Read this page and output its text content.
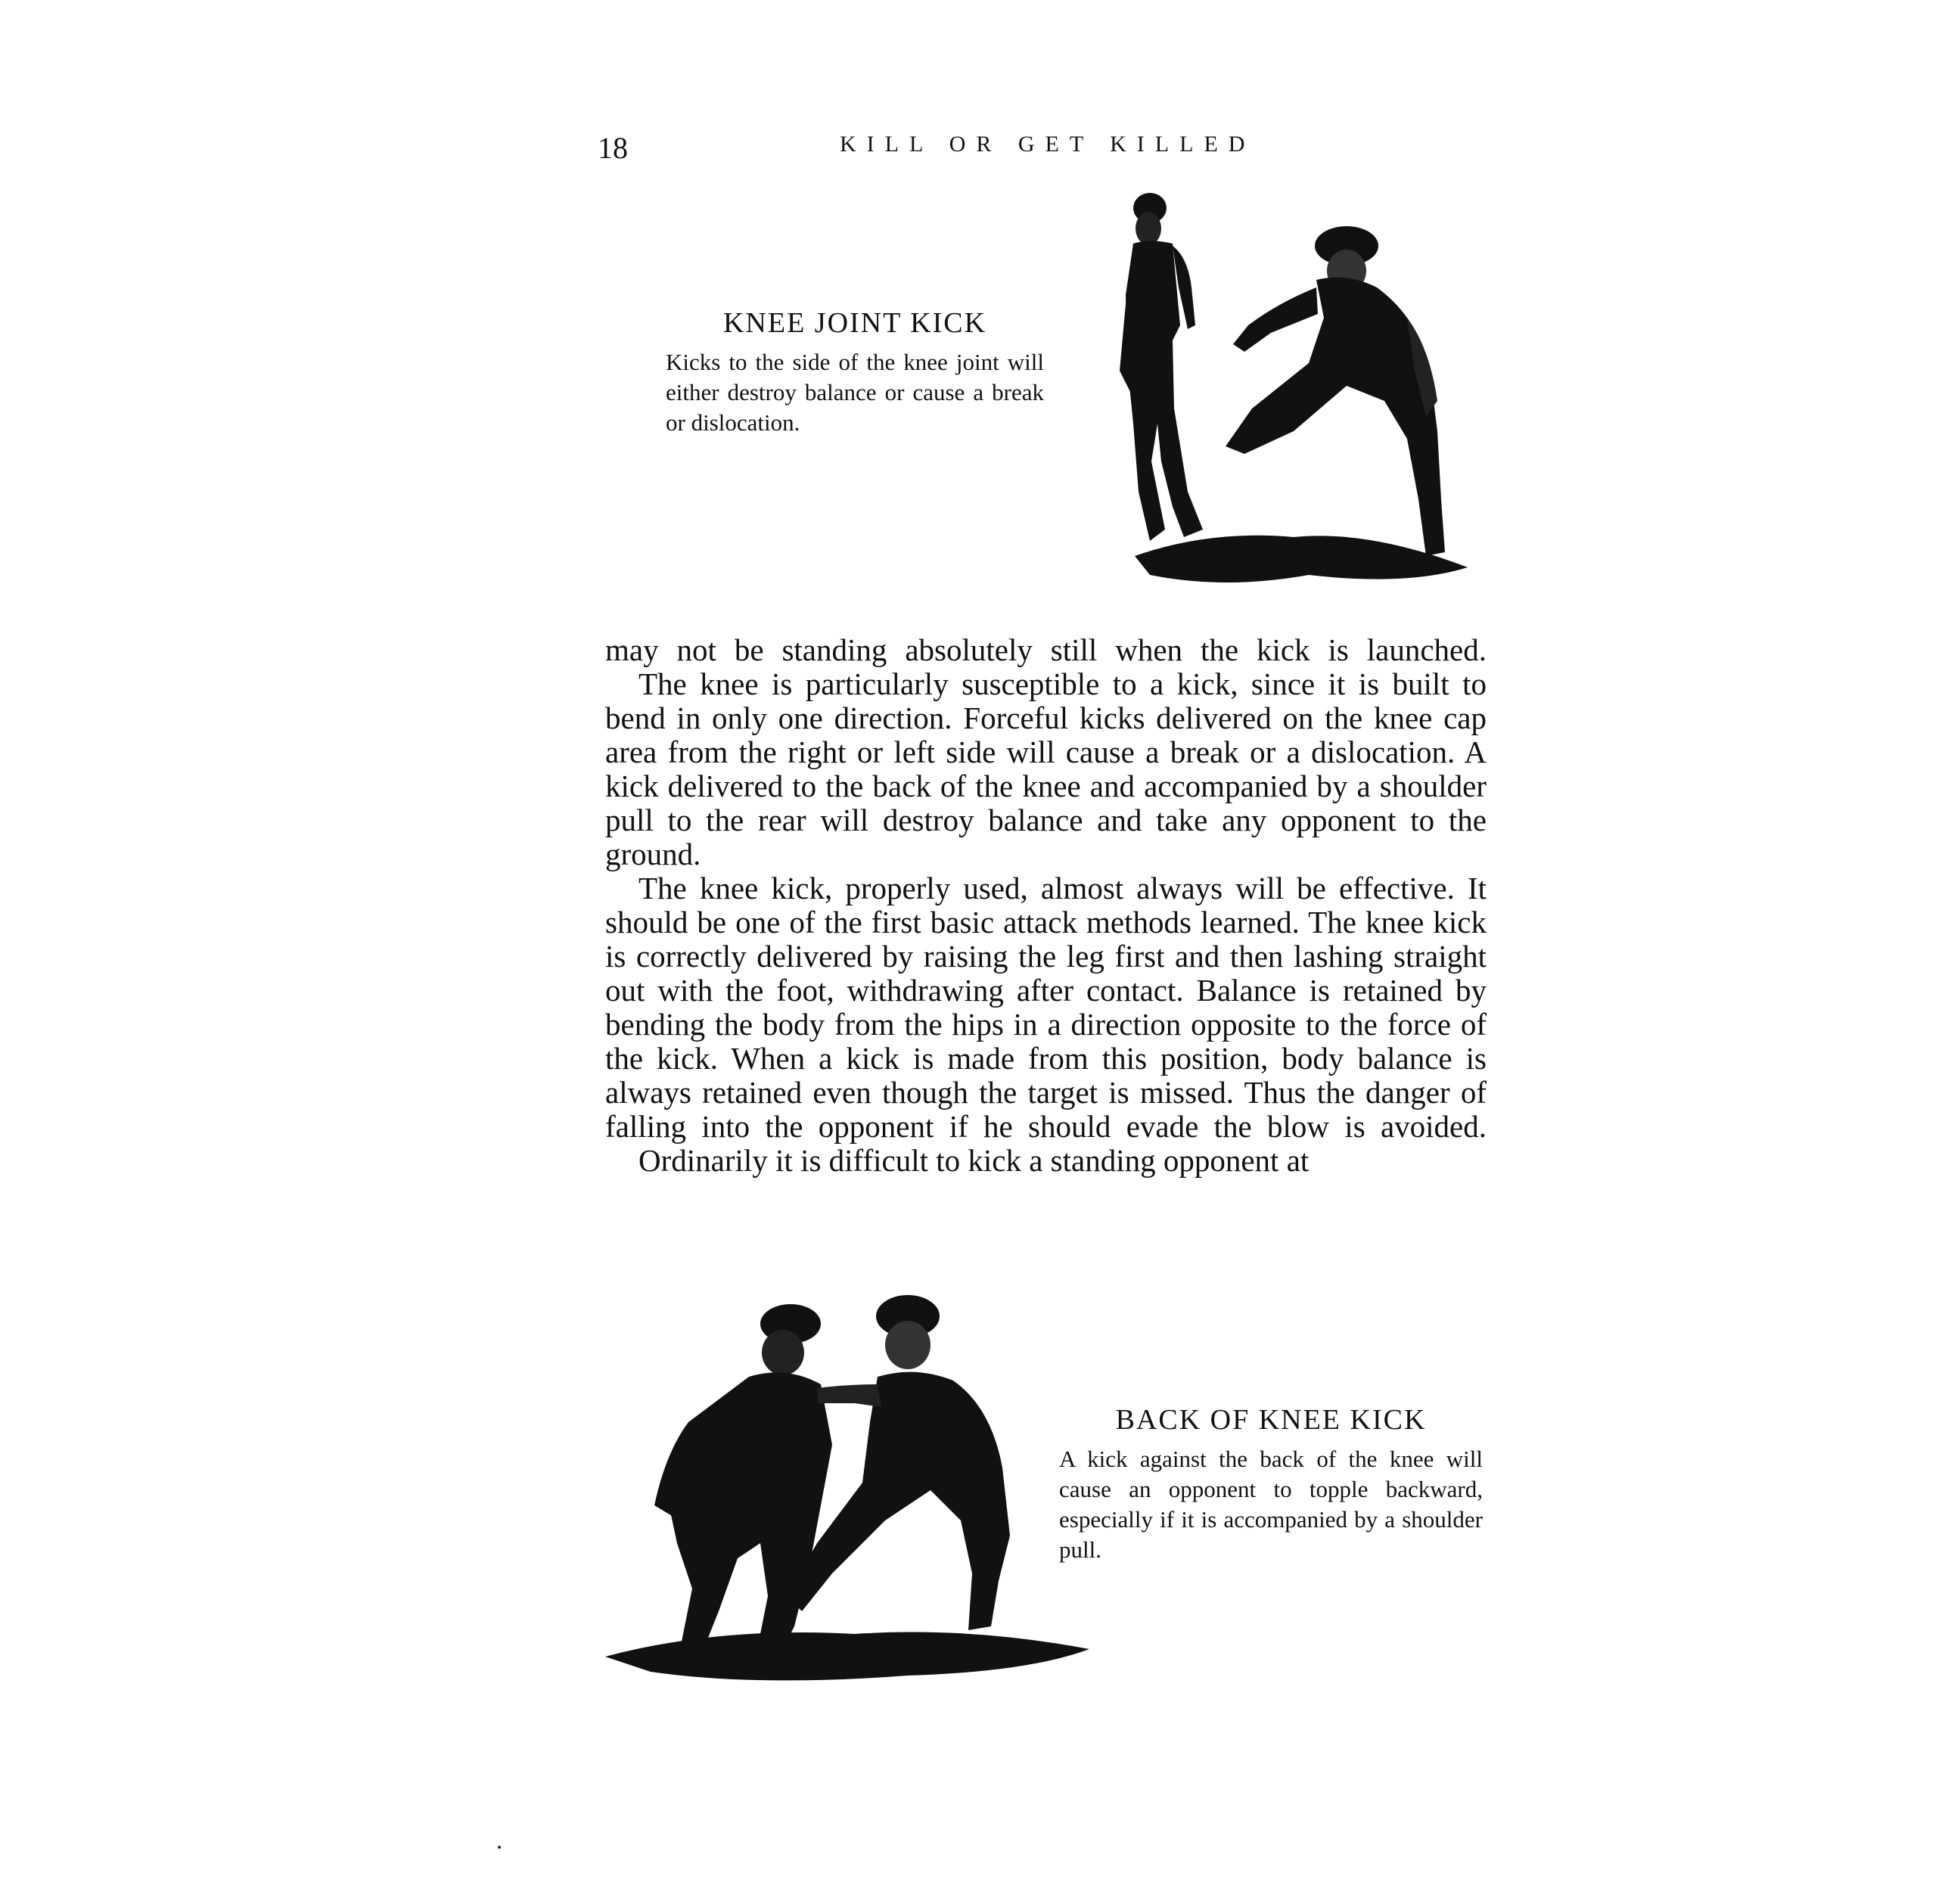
18	KILL OR GET KILLED
KNEE JOINT KICK

Kicks to the side of the knee joint will either destroy balance or cause a break or dislocation.

may not be standing absolutely still when the kick is launched.

The knee is particularly susceptible to a kick, since it is built to bend in only one direction. Forceful kicks delivered on the knee cap area from the right or left side will cause a break or a dislocation. A kick delivered to the back of the knee and accompanied by a shoulder pull to the rear will destroy balance and take any opponent to the ground.

The knee kick, properly used, almost always will be effective. It should be one of the first basic attack methods learned. The knee kick is correctly delivered by raising the leg first and then lashing straight out with the foot, withdrawing after contact. Balance is retained by bending the body from the hips in a direction opposite to the force of the kick. When a kick is made from this position, body balance is always retained even though the target is missed. Thus the danger of falling into the opponent if he should evade the blow is avoided.

Ordinarily it is difficult to kick a standing opponent at

BACK OF KNEE KICK

A kick against the back of the knee will cause an opponent to topple backward, especially if it is accompanied by a shoulder pull.
